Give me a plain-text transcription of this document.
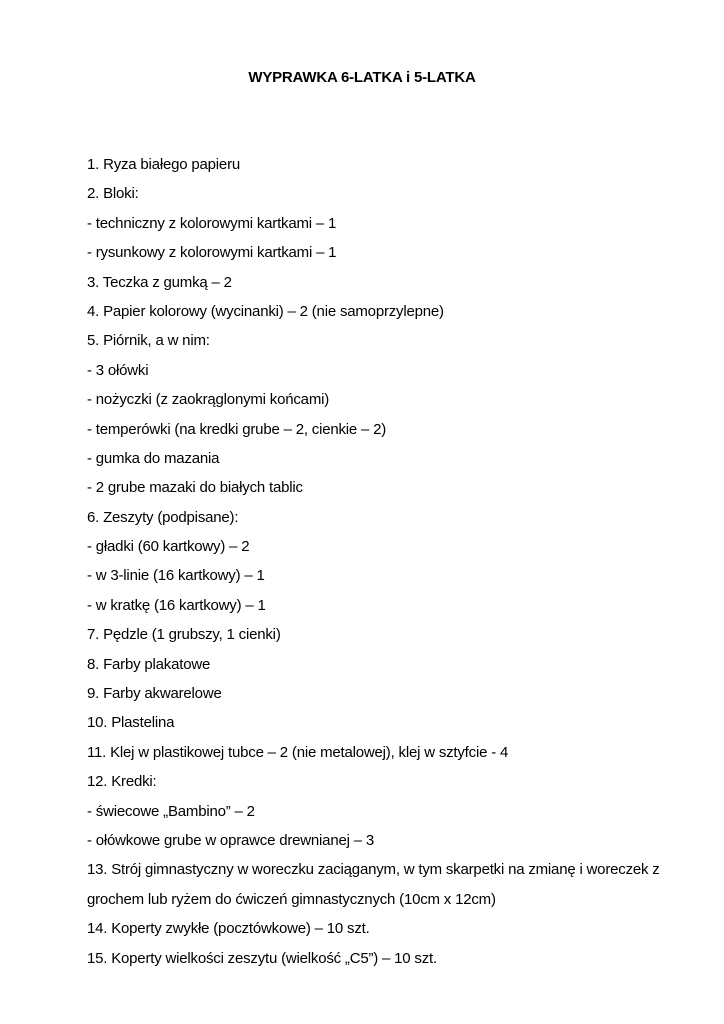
WYPRAWKA 6-LATKA i 5-LATKA
1. Ryza białego papieru
2. Bloki:
- techniczny z kolorowymi kartkami – 1
- rysunkowy z kolorowymi kartkami – 1
3. Teczka z gumką – 2
4. Papier kolorowy (wycinanki) – 2 (nie samoprzylepne)
5. Piórnik, a w nim:
- 3 ołówki
- nożyczki (z zaokrąglonymi końcami)
- temperówki (na kredki grube – 2, cienkie – 2)
- gumka do mazania
- 2 grube mazaki do białych tablic
6. Zeszyty (podpisane):
- gładki (60 kartkowy) – 2
- w 3-linie (16 kartkowy) – 1
- w kratkę (16 kartkowy) – 1
7. Pędzle (1 grubszy, 1 cienki)
8. Farby plakatowe
9. Farby akwarelowe
10. Plastelina
11. Klej w plastikowej tubce – 2 (nie metalowej), klej w sztyfcie - 4
12. Kredki:
- świecowe „Bambino” – 2
- ołówkowe grube w oprawce drewnianej – 3
13. Strój gimnastyczny w woreczku zaciąganym, w tym skarpetki na zmianę i woreczek z
grochem lub ryżem do ćwiczeń gimnastycznych (10cm x 12cm)
14. Koperty zwykłe (pocztówkowe) – 10 szt.
15. Koperty wielkości zeszytu (wielkość „C5”) – 10 szt.
